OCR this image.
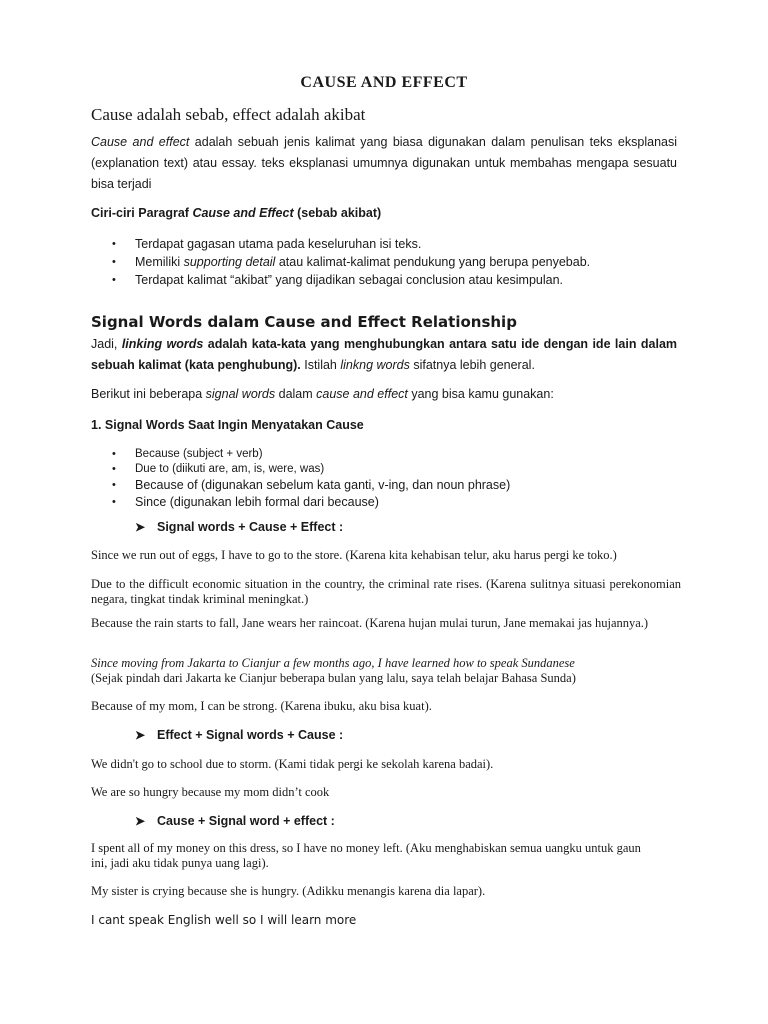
CAUSE AND EFFECT
Cause adalah sebab, effect adalah akibat

Cause and effect adalah sebuah jenis kalimat yang biasa digunakan dalam penulisan teks eksplanasi (explanation text) atau essay. teks eksplanasi umumnya digunakan untuk membahas mengapa sesuatu bisa terjadi

Ciri-ciri Paragraf Cause and Effect (sebab akibat)

• Terdapat gagasan utama pada keseluruhan isi teks.

• Memiliki supporting detail atau kalimat-kalimat pendukung yang berupa penyebab.

• Terdapat kalimat “akibat” yang dijadikan sebagai conclusion atau kesimpulan.

Signal Words dalam Cause and Effect Relationship

Jadi, linking words adalah kata-kata yang menghubungkan antara satu ide dengan ide lain dalam sebuah kalimat (kata penghubung). Istilah linkng words sifatnya lebih general.

Berikut ini beberapa signal words dalam cause and effect yang bisa kamu gunakan:

1. Signal Words Saat Ingin Menyatakan Cause

• Because (subject + verb)

• Due to (diikuti are, am, is, were, was)

• Because of (digunakan sebelum kata ganti, v-ing, dan noun phrase)

• Since (digunakan lebih formal dari because)

➤ Signal words + Cause + Effect :

Since we run out of eggs, I have to go to the store. (Karena kita kehabisan telur, aku harus pergi ke toko.)

Due to the difficult economic situation in the country, the criminal rate rises. (Karena sulitnya situasi perekonomian negara, tingkat tindak kriminal meningkat.)

Because the rain starts to fall, Jane wears her raincoat. (Karena hujan mulai turun, Jane memakai jas hujannya.)

Since moving from Jakarta to Cianjur a few months ago, I have learned how to speak Sundanese
(Sejak pindah dari Jakarta ke Cianjur beberapa bulan yang lalu, saya telah belajar Bahasa Sunda)

Because of my mom, I can be strong. (Karena ibuku, aku bisa kuat).

➤ Effect + Signal words + Cause :

We didn't go to school due to storm. (Kami tidak pergi ke sekolah karena badai).

We are so hungry because my mom didn’t cook

➤ Cause + Signal word + effect :

I spent all of my money on this dress, so I have no money left. (Aku menghabiskan semua uangku untuk gaun ini, jadi aku tidak punya uang lagi).

My sister is crying because she is hungry. (Adikku menangis karena dia lapar).

I cant speak English well so I will learn more
